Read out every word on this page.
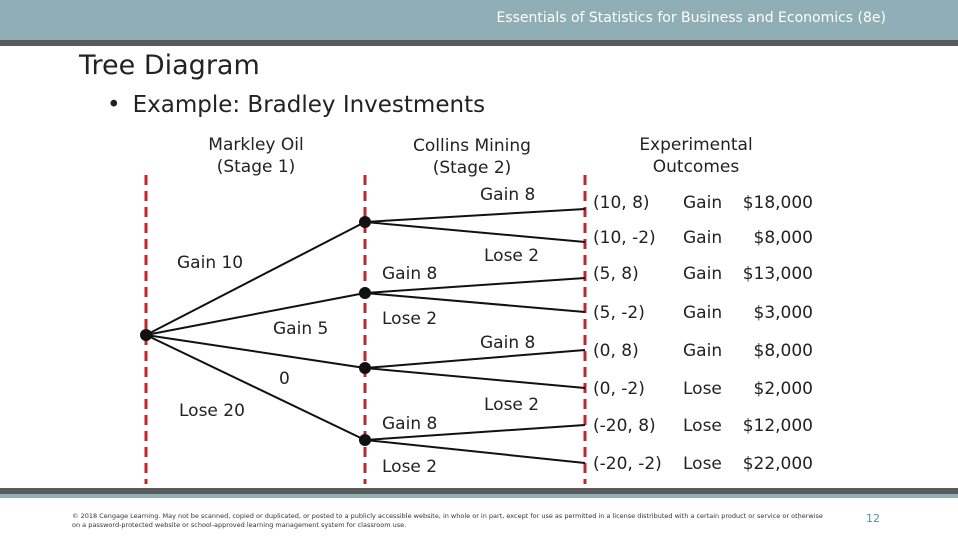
Essentials of Statistics for Business and Economics (8e)
Tree Diagram
• Example: Bradley Investments
Markley Oil
(Stage 1)
Collins Mining
(Stage 2)
Experimental
Outcomes
Gain 10
Gain 5
0
Lose 20
Gain 8
Lose 2
Gain 8
Lose 2
Gain 8
Lose 2
Gain 8
Lose 2
(10, 8) Gain $18,000
(10, -2) Gain $8,000
(5, 8)	Gain $13,000
(5, -2) Gain $3,000
(0, 8)	Gain $8,000
(0, -2) Lose $2,000
(-20, 8) Lose $12,000
(-20, -2) Lose $22,000
© 2018 Cengage Learning. May not be scanned, copied or duplicated, or posted to a publicly accessible website, in whole or in part, except for use as permitted in a license distributed with a certain product or service or otherwise on a password-protected website or school-approved learning management system for classroom use.	12
